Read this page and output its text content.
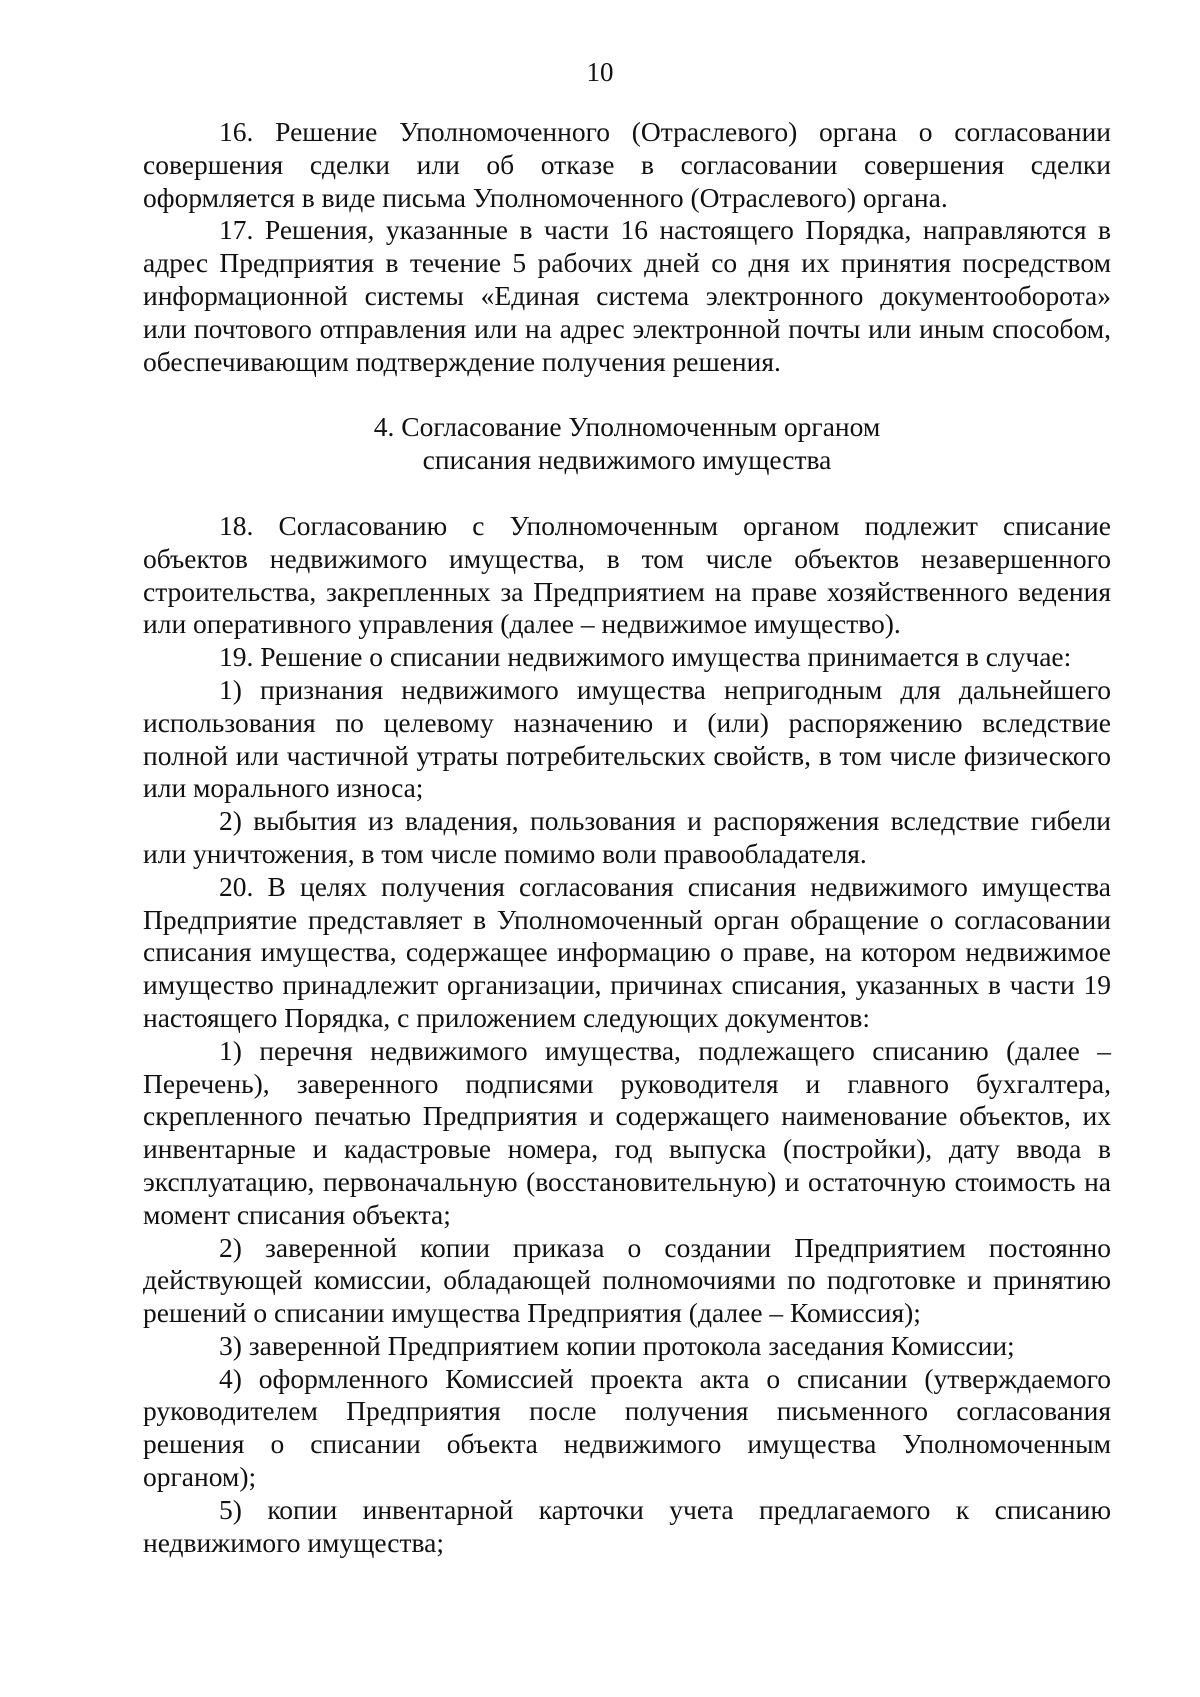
10

16. Решение Уполномоченного (Отраслевого) органа о согласовании совершения сделки или об отказе в согласовании совершения сделки оформляется в виде письма Уполномоченного (Отраслевого) органа.

17. Решения, указанные в части 16 настоящего Порядка, направляются в адрес Предприятия в течение 5 рабочих дней со дня их принятия посредством информационной системы «Единая система электронного документооборота» или почтового отправления или на адрес электронной почты или иным способом, обеспечивающим подтверждение получения решения.

4. Согласование Уполномоченным органом
списания недвижимого имущества

18. Согласованию с Уполномоченным органом подлежит списание объектов недвижимого имущества, в том числе объектов незавершенного строительства, закрепленных за Предприятием на праве хозяйственного ведения или оперативного управления (далее – недвижимое имущество).

19. Решение о списании недвижимого имущества принимается в случае:

1) признания недвижимого имущества непригодным для дальнейшего использования по целевому назначению и (или) распоряжению вследствие полной или частичной утраты потребительских свойств, в том числе физического или морального износа;

2) выбытия из владения, пользования и распоряжения вследствие гибели или уничтожения, в том числе помимо воли правообладателя.

20. В целях получения согласования списания недвижимого имущества Предприятие представляет в Уполномоченный орган обращение о согласовании списания имущества, содержащее информацию о праве, на котором недвижимое имущество принадлежит организации, причинах списания, указанных в части 19 настоящего Порядка, с приложением следующих документов:

1) перечня недвижимого имущества, подлежащего списанию (далее – Перечень), заверенного подписями руководителя и главного бухгалтера, скрепленного печатью Предприятия и содержащего наименование объектов, их инвентарные и кадастровые номера, год выпуска (постройки), дату ввода в эксплуатацию, первоначальную (восстановительную) и остаточную стоимость на момент списания объекта;

2) заверенной копии приказа о создании Предприятием постоянно действующей комиссии, обладающей полномочиями по подготовке и принятию решений о списании имущества Предприятия (далее – Комиссия);

3) заверенной Предприятием копии протокола заседания Комиссии;

4) оформленного Комиссией проекта акта о списании (утверждаемого руководителем Предприятия после получения письменного согласования решения о списании объекта недвижимого имущества Уполномоченным органом);

5) копии инвентарной карточки учета предлагаемого к списанию недвижимого имущества;
